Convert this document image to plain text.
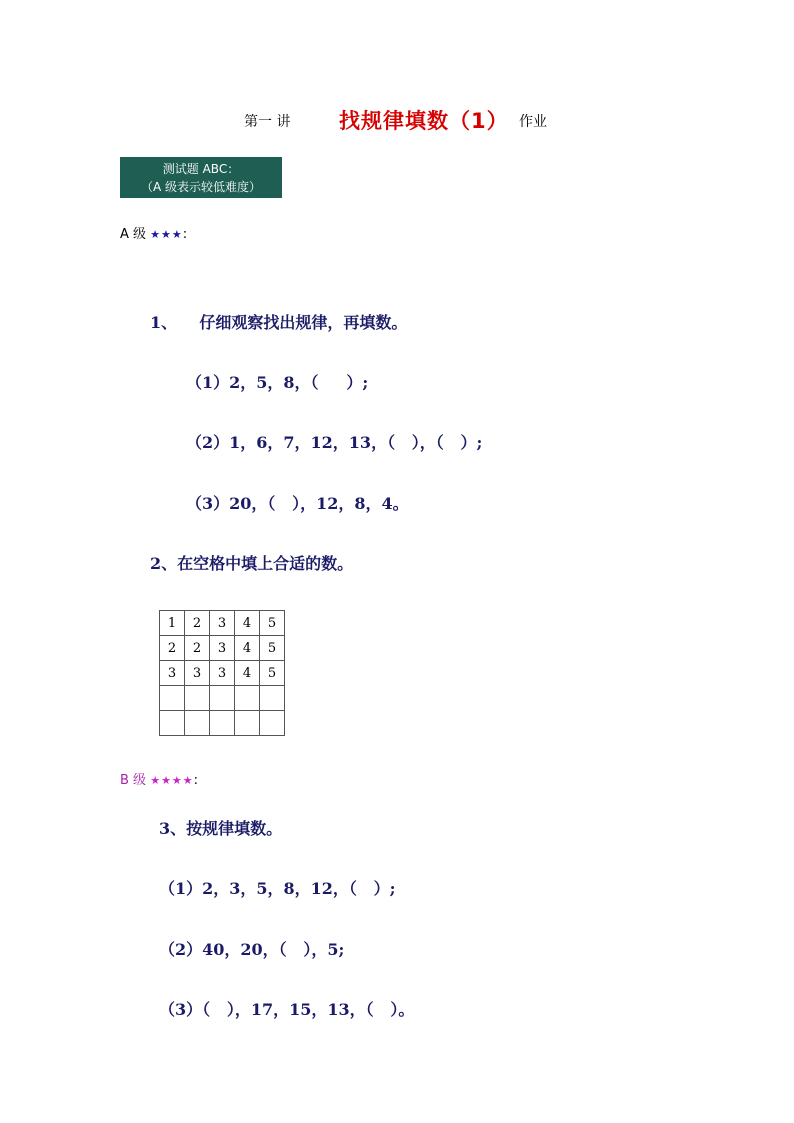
第一 讲 找规律填数（1） 作业
测试题 ABC：
（A 级表示较低难度）
A 级 ★★★:
1、    仔细观察找出规律，再填数。
（1）2，5，8，（     ）;
（2）1，6，7，12，13，（   ），（   ）;
（3）20，（   ），12，8，4。
2、在空格中填上合适的数。
1	2	3	4	5
2	2	3	4	5
3	3	3	4	5

B 级 ★★★★:
3、按规律填数。
（1）2，3，5，8，12，（   ）;
（2）40，20，（   ），5;
（3）（   ），17，15，13，（   ）。
